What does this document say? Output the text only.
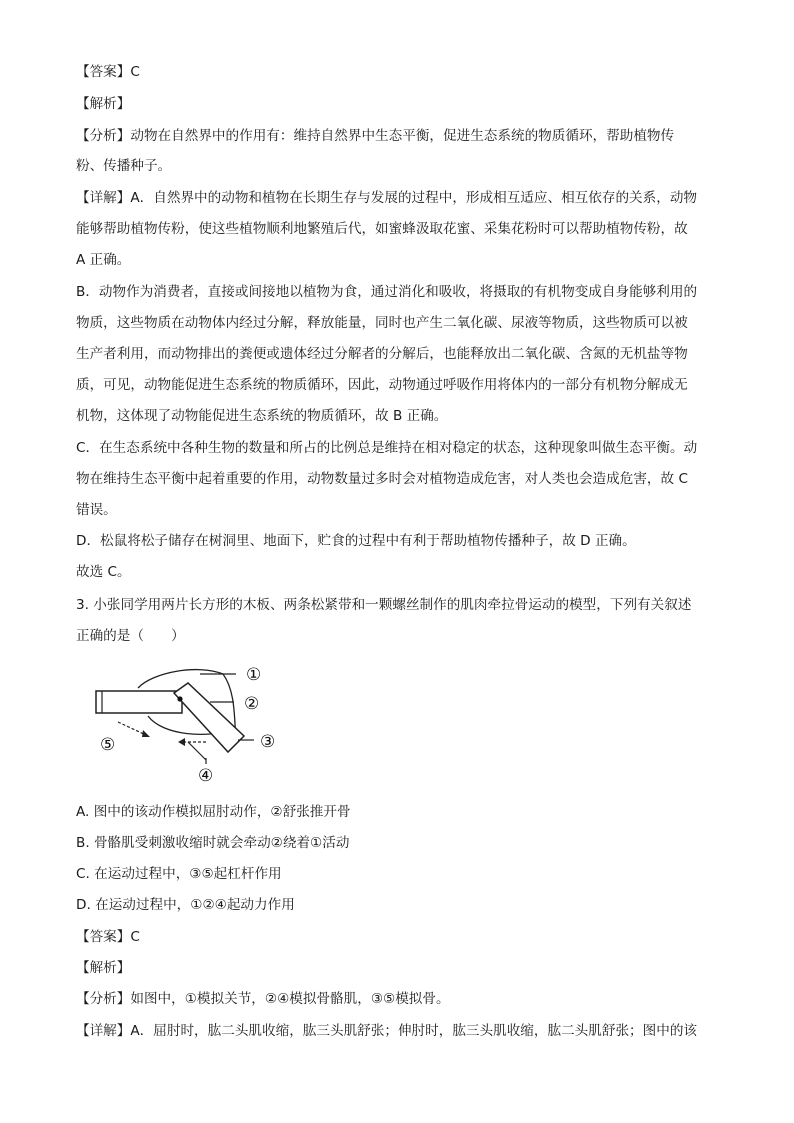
【答案】C
【解析】
【分析】动物在自然界中的作用有：维持自然界中生态平衡，促进生态系统的物质循环，帮助植物传
粉、传播种子。
【详解】A．自然界中的动物和植物在长期生存与发展的过程中，形成相互适应、相互依存的关系，动物
能够帮助植物传粉，使这些植物顺利地繁殖后代，如蜜蜂汲取花蜜、采集花粉时可以帮助植物传粉，故
A 正确。
B．动物作为消费者，直接或间接地以植物为食，通过消化和吸收，将摄取的有机物变成自身能够利用的
物质，这些物质在动物体内经过分解，释放能量，同时也产生二氧化碳、尿液等物质，这些物质可以被
生产者利用，而动物排出的粪便或遗体经过分解者的分解后，也能释放出二氧化碳、含氮的无机盐等物
质，可见，动物能促进生态系统的物质循环，因此，动物通过呼吸作用将体内的一部分有机物分解成无
机物，这体现了动物能促进生态系统的物质循环，故 B 正确。
C．在生态系统中各种生物的数量和所占的比例总是维持在相对稳定的状态，这种现象叫做生态平衡。动
物在维持生态平衡中起着重要的作用，动物数量过多时会对植物造成危害，对人类也会造成危害，故 C
错误。
D．松鼠将松子储存在树洞里、地面下，贮食的过程中有利于帮助植物传播种子，故 D 正确。
故选 C。
3. 小张同学用两片长方形的木板、两条松紧带和一颗螺丝制作的肌肉牵拉骨运动的模型，下列有关叙述
正确的是（　　）
①
②
③
④
⑤
A. 图中的该动作模拟屈肘动作，②舒张推开骨
B. 骨骼肌受刺激收缩时就会牵动②绕着①活动
C. 在运动过程中，③⑤起杠杆作用
D. 在运动过程中，①②④起动力作用
【答案】C
【解析】
【分析】如图中，①模拟关节，②④模拟骨骼肌，③⑤模拟骨。
【详解】A．屈肘时，肱二头肌收缩，肱三头肌舒张；伸肘时，肱三头肌收缩，肱二头肌舒张；图中的该
